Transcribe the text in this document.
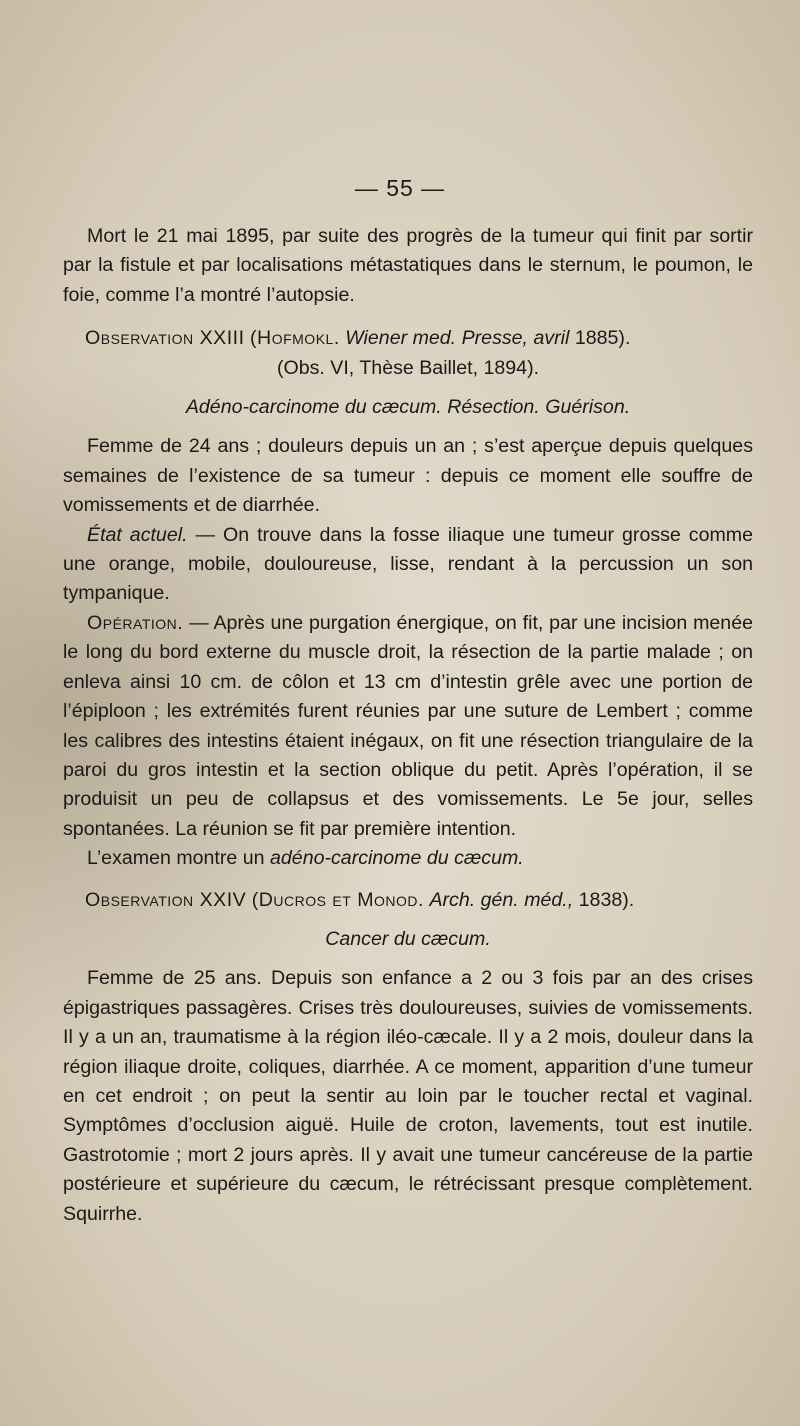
— 55 —

Mort le 21 mai 1895, par suite des progrès de la tumeur qui finit par sortir par la fistule et par localisations métastatiques dans le sternum, le poumon, le foie, comme l’a montré l’autopsie.

Observation XXIII (Hofmokl. Wiener med. Presse, avril 1885).

(Obs. VI, Thèse Baillet, 1894).

Adéno-carcinome du cæcum. Résection. Guérison.

Femme de 24 ans ; douleurs depuis un an ; s’est aperçue depuis quelques semaines de l’existence de sa tumeur : depuis ce moment elle souffre de vomissements et de diarrhée.

État actuel. — On trouve dans la fosse iliaque une tumeur grosse comme une orange, mobile, douloureuse, lisse, rendant à la percussion un son tympanique.

Opération. — Après une purgation énergique, on fit, par une incision menée le long du bord externe du muscle droit, la résection de la partie malade ; on enleva ainsi 10 cm. de côlon et 13 cm d’intestin grêle avec une portion de l’épiploon ; les extrémités furent réunies par une suture de Lembert ; comme les calibres des intestins étaient inégaux, on fit une résection triangulaire de la paroi du gros intestin et la section oblique du petit. Après l’opération, il se produisit un peu de collapsus et des vomissements. Le 5e jour, selles spontanées. La réunion se fit par première intention.

L’examen montre un adéno-carcinome du cæcum.

Observation XXIV (Ducros et Monod. Arch. gén. méd., 1838).

Cancer du cæcum.

Femme de 25 ans. Depuis son enfance a 2 ou 3 fois par an des crises épigastriques passagères. Crises très douloureuses, suivies de vomissements. Il y a un an, traumatisme à la région iléo-cæcale. Il y a 2 mois, douleur dans la région iliaque droite, coliques, diarrhée. A ce moment, apparition d’une tumeur en cet endroit ; on peut la sentir au loin par le toucher rectal et vaginal. Symptômes d’occlusion aiguë. Huile de croton, lavements, tout est inutile. Gastrotomie ; mort 2 jours après. Il y avait une tumeur cancéreuse de la partie postérieure et supérieure du cæcum, le rétrécissant presque complètement. Squirrhe.
